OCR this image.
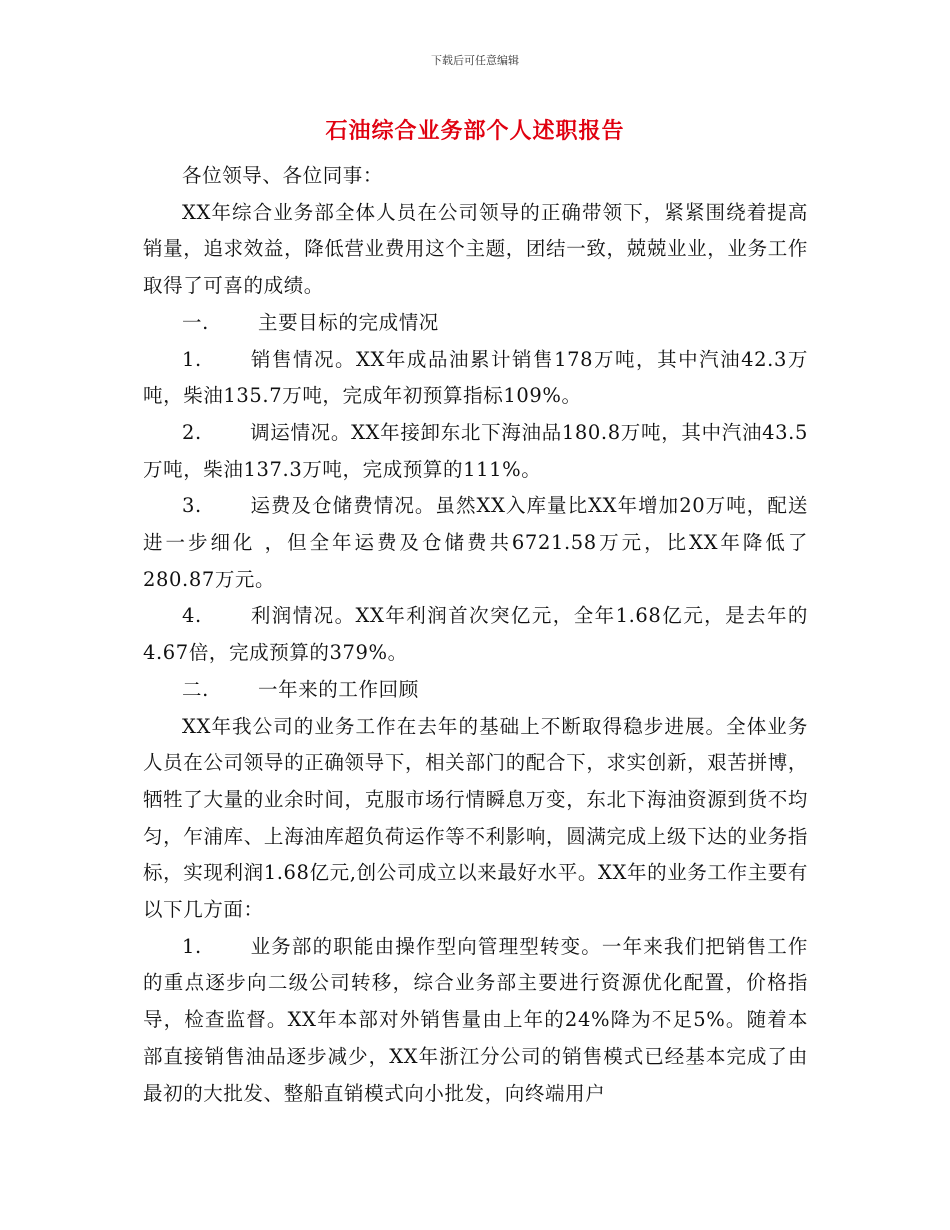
下载后可任意编辑
石油综合业务部个人述职报告

各位领导、各位同事：

XX年综合业务部全体人员在公司领导的正确带领下，紧紧围绕着提高销量，追求效益，降低营业费用这个主题，团结一致，兢兢业业，业务工作取得了可喜的成绩。

一.	主要目标的完成情况

1. 销售情况。XX年成品油累计销售178万吨，其中汽油42.3万吨，柴油135.7万吨，完成年初预算指标109%。

2. 调运情况。XX年接卸东北下海油品180.8万吨，其中汽油43.5万吨，柴油137.3万吨，完成预算的111%。

3. 运费及仓储费情况。虽然XX入库量比XX年增加20万吨，配送进一步细化 ，但全年运费及仓储费共6721.58万元，比XX年降低了280.87万元。

4. 利润情况。XX年利润首次突亿元，全年1.68亿元，是去年的4.67倍，完成预算的379%。

二.	一年来的工作回顾

XX年我公司的业务工作在去年的基础上不断取得稳步进展。全体业务人员在公司领导的正确领导下，相关部门的配合下，求实创新，艰苦拼博，牺牲了大量的业余时间，克服市场行情瞬息万变，东北下海油资源到货不均匀，乍浦库、上海油库超负荷运作等不利影响，圆满完成上级下达的业务指标，实现利润1.68亿元,创公司成立以来最好水平。XX年的业务工作主要有以下几方面：

1. 业务部的职能由操作型向管理型转变。一年来我们把销售工作的重点逐步向二级公司转移，综合业务部主要进行资源优化配置，价格指导，检查监督。XX年本部对外销售量由上年的24%降为不足5%。随着本部直接销售油品逐步减少，XX年浙江分公司的销售模式已经基本完成了由最初的大批发、整船直销模式向小批发，向终端用户
